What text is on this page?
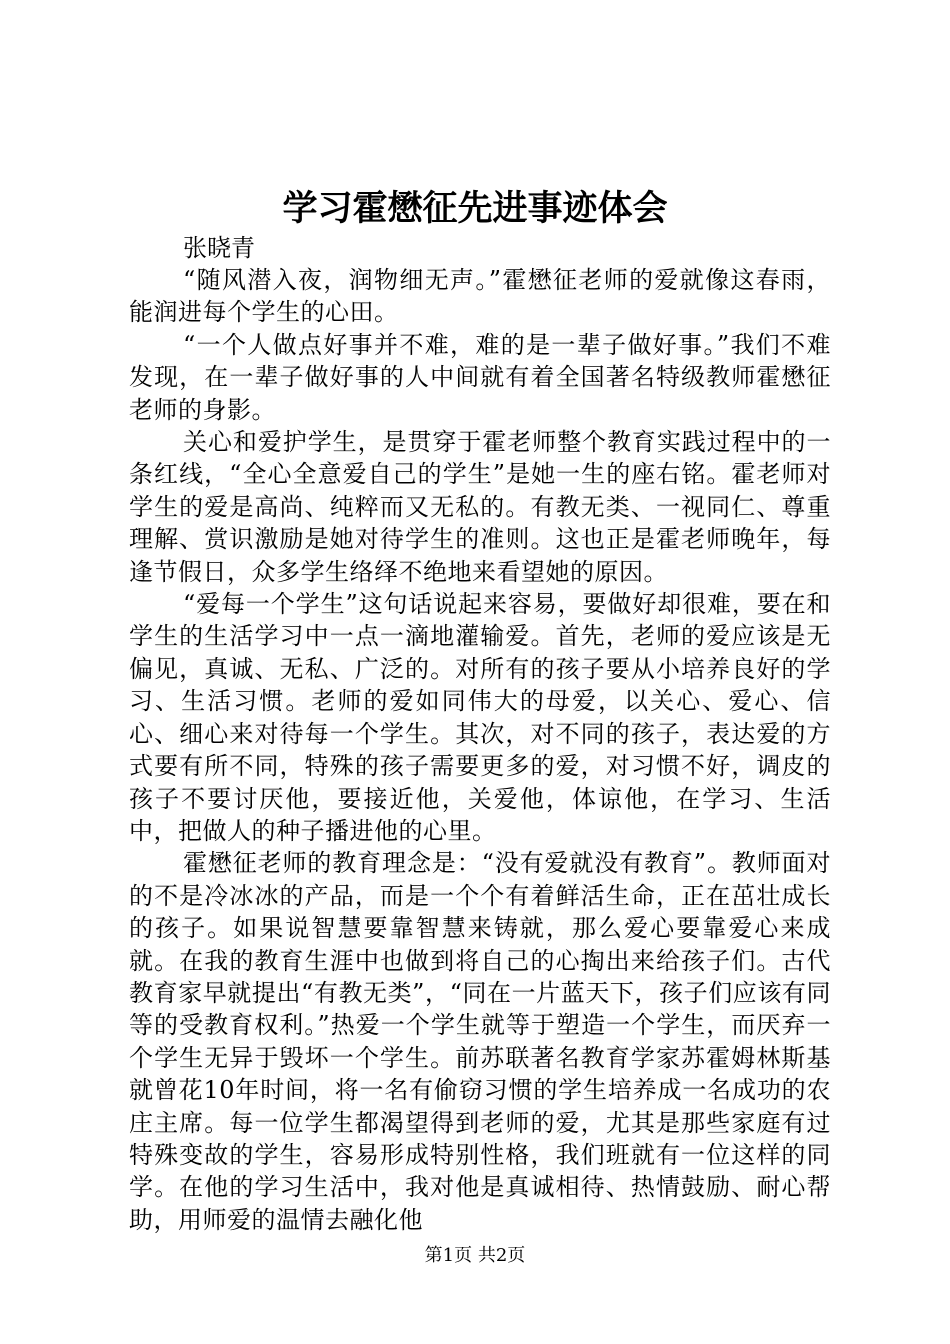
学习霍懋征先进事迹体会

张晓青

“随风潜入夜，润物细无声。”霍懋征老师的爱就像这春雨，能润进每个学生的心田。

“一个人做点好事并不难，难的是一辈子做好事。”我们不难发现，在一辈子做好事的人中间就有着全国著名特级教师霍懋征老师的身影。

关心和爱护学生，是贯穿于霍老师整个教育实践过程中的一条红线，“全心全意爱自己的学生”是她一生的座右铭。霍老师对学生的爱是高尚、纯粹而又无私的。有教无类、一视同仁、尊重理解、赏识激励是她对待学生的准则。这也正是霍老师晚年，每逢节假日，众多学生络绎不绝地来看望她的原因。

“爱每一个学生”这句话说起来容易，要做好却很难，要在和学生的生活学习中一点一滴地灌输爱。首先，老师的爱应该是无偏见，真诚、无私、广泛的。对所有的孩子要从小培养良好的学习、生活习惯。老师的爱如同伟大的母爱，以关心、爱心、信心、细心来对待每一个学生。其次，对不同的孩子，表达爱的方式要有所不同，特殊的孩子需要更多的爱，对习惯不好，调皮的孩子不要讨厌他，要接近他，关爱他，体谅他，在学习、生活中，把做人的种子播进他的心里。

霍懋征老师的教育理念是：“没有爱就没有教育”。教师面对的不是冷冰冰的产品，而是一个个有着鲜活生命，正在茁壮成长的孩子。如果说智慧要靠智慧来铸就，那么爱心要靠爱心来成就。在我的教育生涯中也做到将自己的心掏出来给孩子们。古代教育家早就提出“有教无类”，“同在一片蓝天下，孩子们应该有同等的受教育权利。”热爱一个学生就等于塑造一个学生，而厌弃一个学生无异于毁坏一个学生。前苏联著名教育学家苏霍姆林斯基就曾花10年时间，将一名有偷窃习惯的学生培养成一名成功的农庄主席。每一位学生都渴望得到老师的爱，尤其是那些家庭有过特殊变故的学生，容易形成特别性格，我们班就有一位这样的同学。在他的学习生活中，我对他是真诚相待、热情鼓励、耐心帮助，用师爱的温情去融化他

第1页 共2页
